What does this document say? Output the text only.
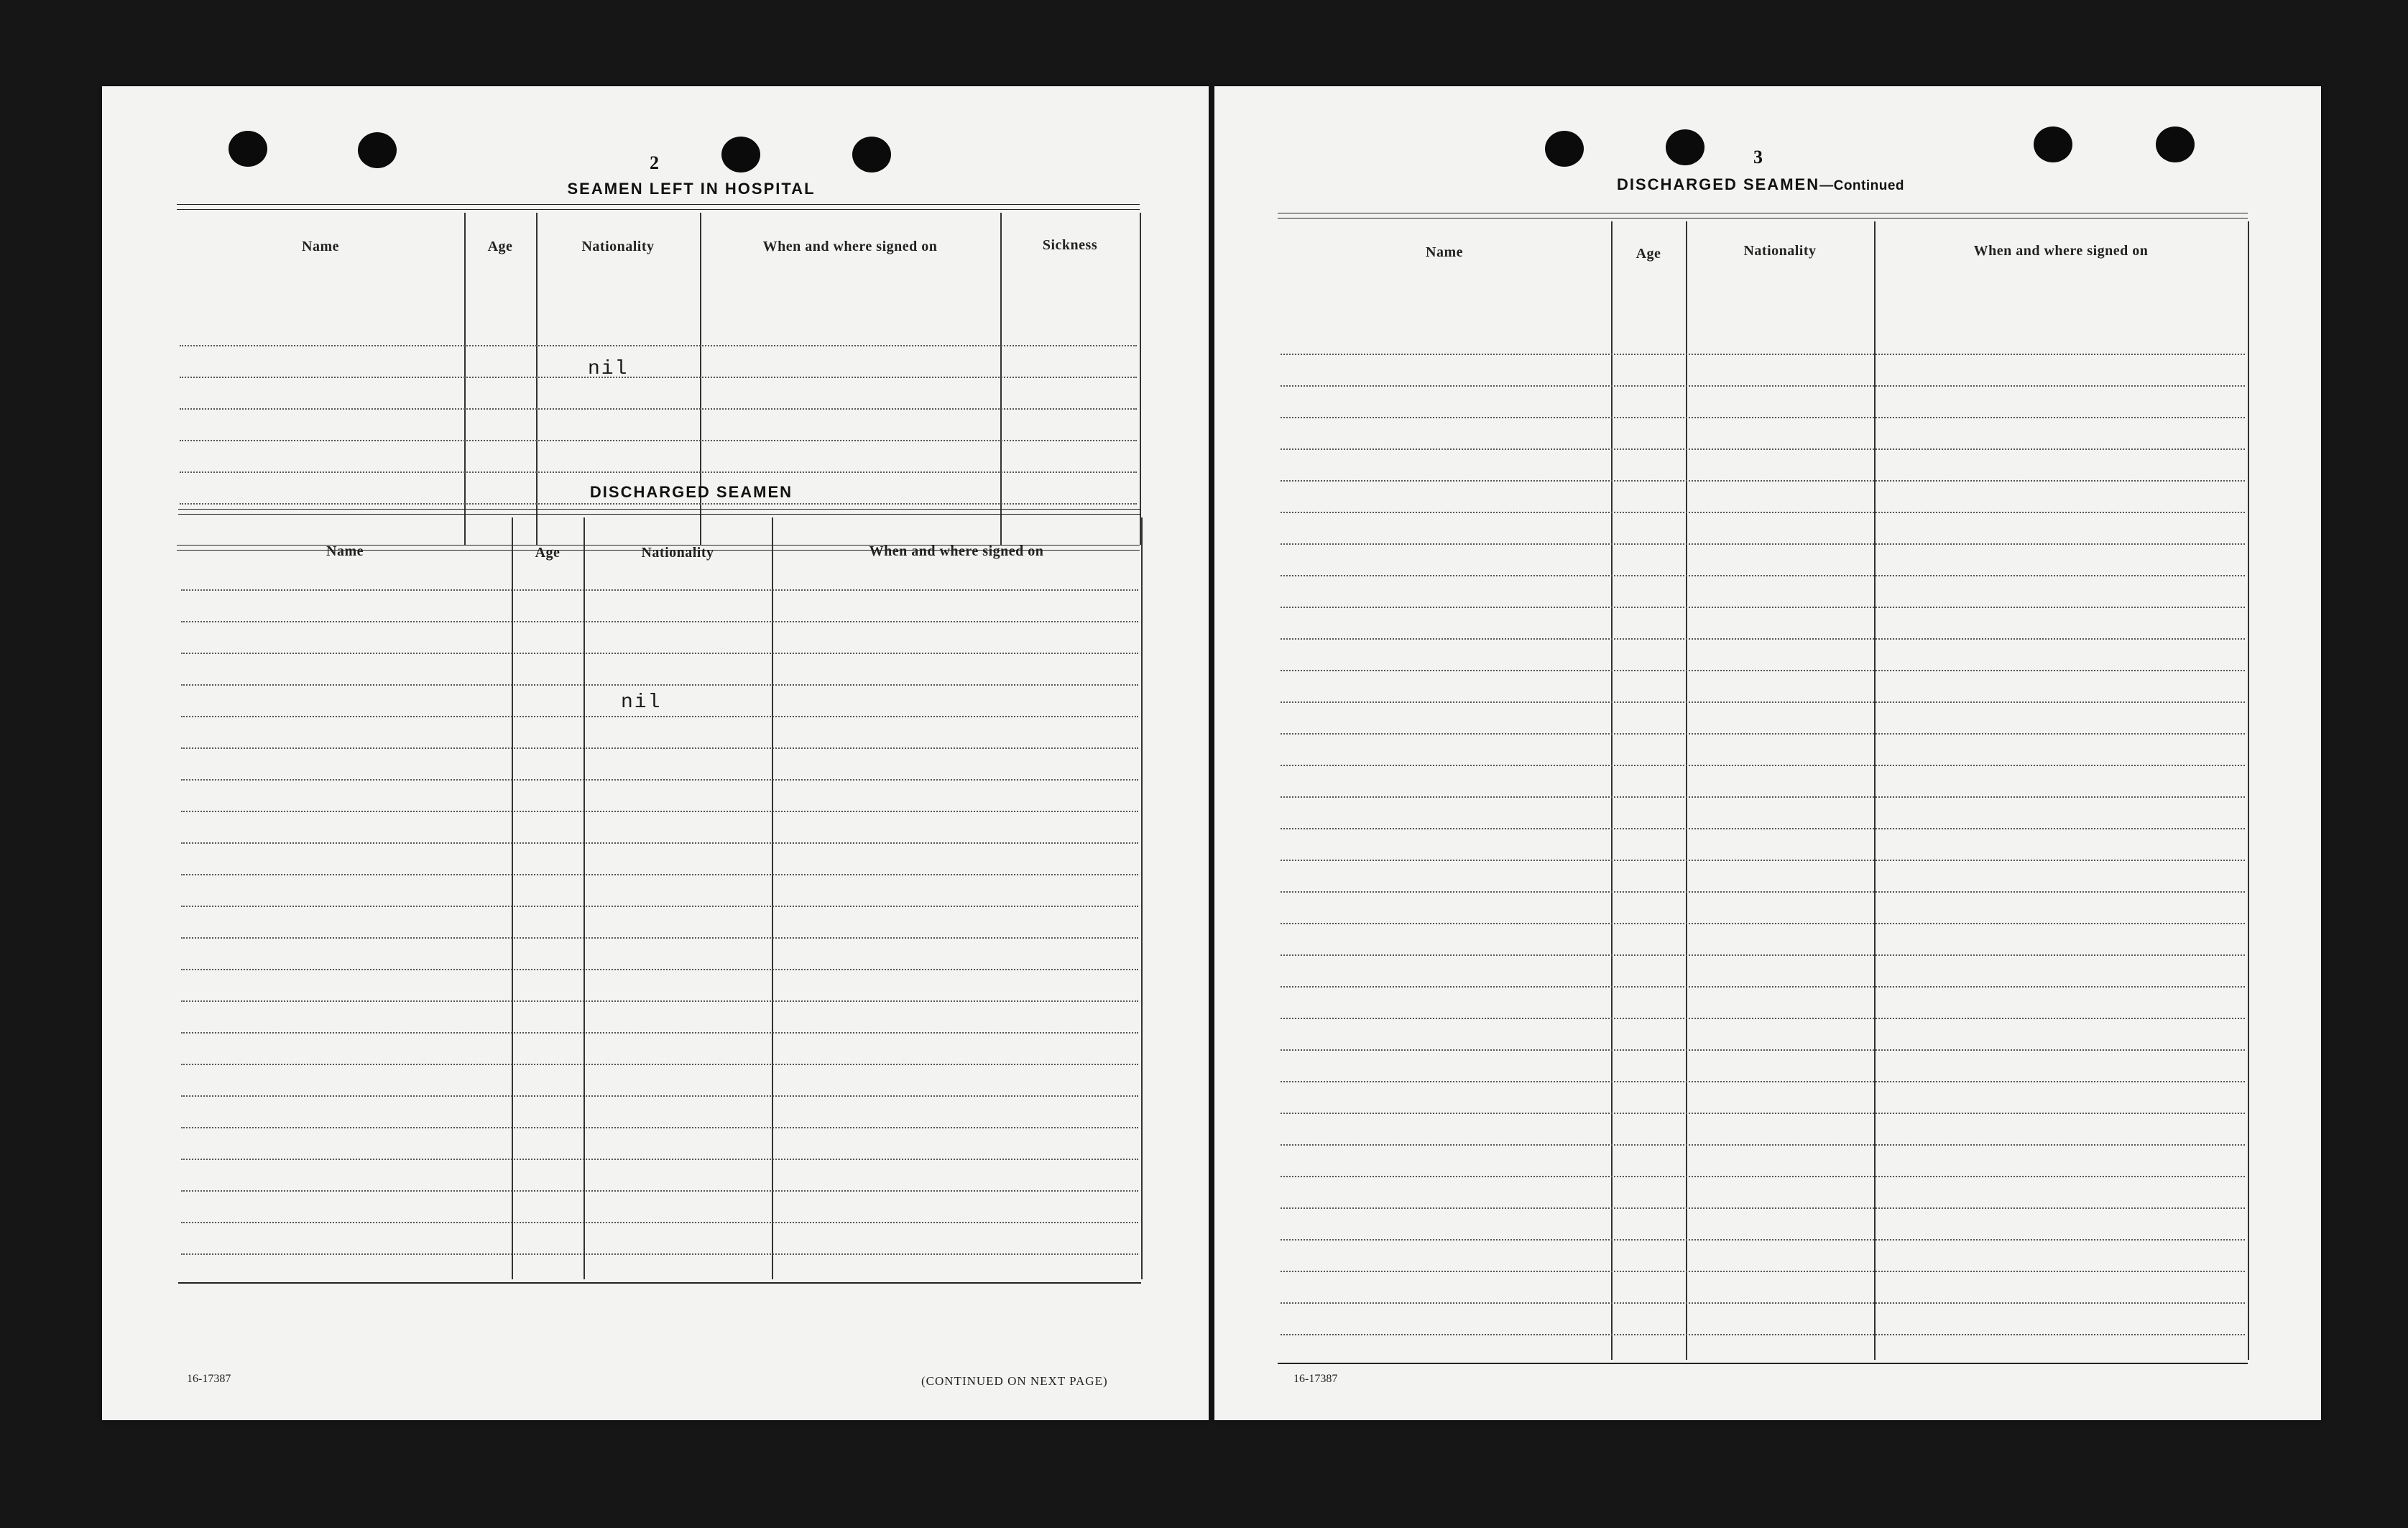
2
SEAMEN LEFT IN HOSPITAL
Name	Age	Nationality	When and where signed on	Sickness
nil
DISCHARGED SEAMEN
Name	Age	Nationality	When and where signed on
nil
16-17387	(CONTINUED ON NEXT PAGE)
3
DISCHARGED SEAMEN—Continued
Name	Age	Nationality	When and where signed on
16-17387
